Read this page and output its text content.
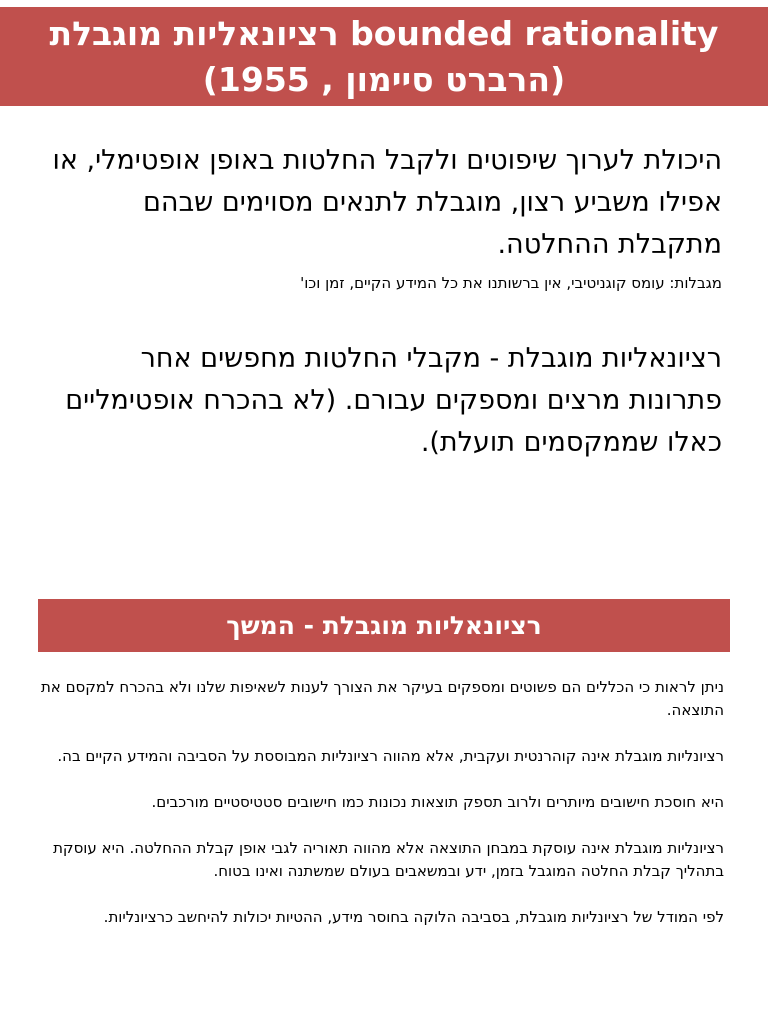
רציונאליות מוגבלת bounded rationality
(הרברט סיימון , 1955)

היכולת לערוך שיפוטים ולקבל החלטות באופן אופטימלי, או אפילו משביע רצון, מוגבלת לתנאים מסוימים שבהם מתקבלת ההחלטה.

מגבלות: עומס קוגניטיבי, אין ברשותנו את כל המידע הקיים, זמן וכו'

רציונאליות מוגבלת - מקבלי החלטות מחפשים אחר פתרונות מרצים ומספקים עבורם. (לא בהכרח אופטימליים כאלו שממקסמים תועלת).

רציונאליות מוגבלת - המשך

ניתן לראות כי הכללים הם פשוטים ומספקים בעיקר את הצורך לענות לשאיפות שלנו ולא בהכרח למקסם את התוצאה.

רציונליות מוגבלת אינה קוהרנטית ועקבית, אלא מהווה רציונליות המבוססת על הסביבה והמידע הקיים בה.

היא חוסכת חישובים מיותרים ולרוב תספק תוצאות נכונות כמו חישובים סטטיסטיים מורכבים.

רציונליות מוגבלת אינה עוסקת במבחן התוצאה אלא מהווה תאוריה לגבי אופן קבלת ההחלטה. היא עוסקת בתהליך קבלת החלטה המוגבל בזמן, ידע ובמשאבים בעולם שמשתנה ואינו בטוח.

לפי המודל של רציונליות מוגבלת, בסביבה הלוקה בחוסר מידע, ההטיות יכולות להיחשב כרציונליות.
